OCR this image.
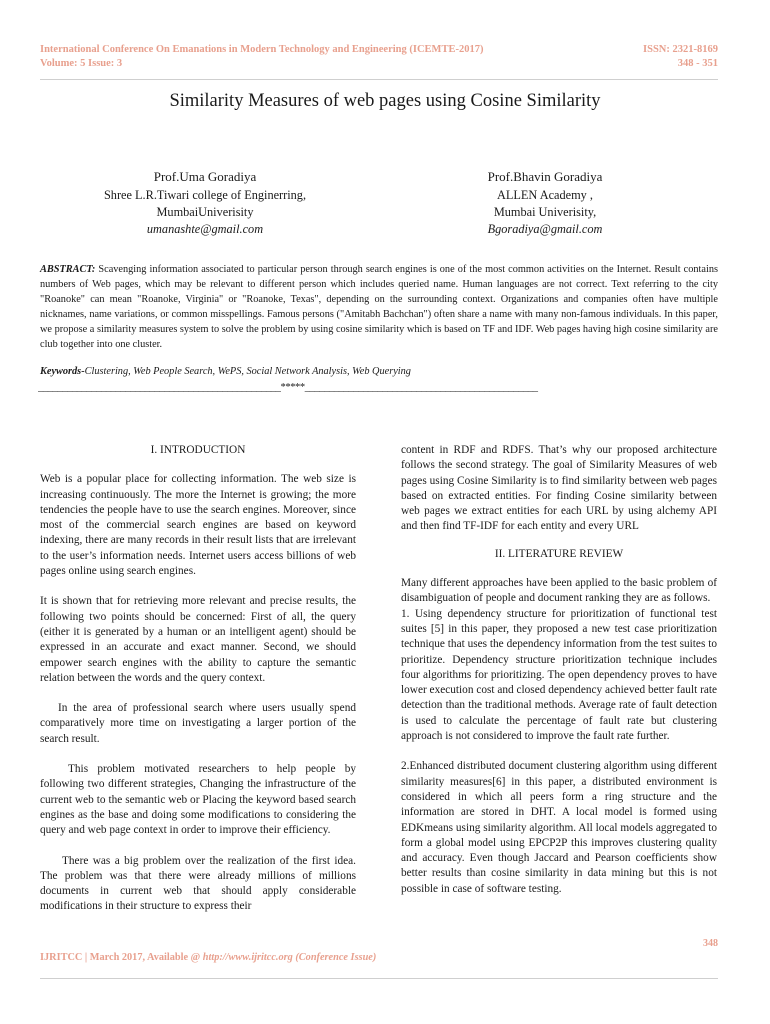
International Conference On Emanations in Modern Technology and Engineering (ICEMTE-2017)
Volume: 5 Issue: 3
ISSN: 2321-8169
348 - 351
Similarity Measures of web pages using Cosine Similarity
Prof.Uma Goradiya
Shree L.R.Tiwari college of Enginerring,
MumbaiUniverisity
umanashte@gmail.com
Prof.Bhavin Goradiya
ALLEN Academy ,
Mumbai Univerisity,
Bgoradiya@gmail.com
ABSTRACT: Scavenging information associated to particular person through search engines is one of the most common activities on the Internet. Result contains numbers of Web pages, which may be relevant to different person which includes queried name. Human languages are not correct. Text referring to the city "Roanoke" can mean "Roanoke, Virginia" or "Roanoke, Texas", depending on the surrounding context. Organizations and companies often have multiple nicknames, name variations, or common misspellings. Famous persons ("Amitabh Bachchan") often share a name with many non-famous individuals. In this paper, we propose a similarity measures system to solve the problem by using cosine similarity which is based on TF and IDF. Web pages having high cosine similarity are club together into one cluster.
Keywords-Clustering, Web People Search, WePS, Social Network Analysis, Web Querying
__________________________________________________*****________________________________________________
I. INTRODUCTION

Web is a popular place for collecting information. The web size is increasing continuously. The more the Internet is growing; the more tendencies the people have to use the search engines. Moreover, since most of the commercial search engines are based on keyword indexing, there are many records in their result lists that are irrelevant to the user’s information needs. Internet users access billions of web pages online using search engines.

It is shown that for retrieving more relevant and precise results, the following two points should be concerned: First of all, the query (either it is generated by a human or an intelligent agent) should be expressed in an accurate and exact manner. Second, we should empower search engines with the ability to capture the semantic relation between the words and the query context.

In the area of professional search where users usually spend comparatively more time on investigating a larger portion of the search result.

This problem motivated researchers to help people by following two different strategies, Changing the infrastructure of the current web to the semantic web or Placing the keyword based search engines as the base and doing some modifications to considering the query and web page context in order to improve their efficiency.

There was a big problem over the realization of the first idea. The problem was that there were already millions of millions documents in current web that should apply considerable modifications in their structure to express their

content in RDF and RDFS. That’s why our proposed architecture follows the second strategy. The goal of Similarity Measures of web pages using Cosine Similarity is to find similarity between web pages based on extracted entities. For finding Cosine similarity between web pages we extract entities for each URL by using alchemy API and then find TF-IDF for each entity and every URL

II. LITERATURE REVIEW

Many different approaches have been applied to the basic problem of disambiguation of people and document ranking they are as follows.

1. Using dependency structure for prioritization of functional test suites [5] in this paper, they proposed a new test case prioritization technique that uses the dependency information from the test suites to prioritize. Dependency structure prioritization technique includes four algorithms for prioritizing. The open dependency proves to have lower execution cost and closed dependency achieved better fault rate detection than the traditional methods. Average rate of fault detection is used to calculate the percentage of fault rate but clustering approach is not considered to improve the fault rate further.

2.Enhanced distributed document clustering algorithm using different similarity measures[6] in this paper, a distributed environment is considered in which all peers form a ring structure and the information are stored in DHT. A local model is formed using EDKmeans using similarity algorithm. All local models aggregated to form a global model using EPCP2P this improves clustering quality and accuracy. Even though Jaccard and Pearson coefficients show better results than cosine similarity in data mining but this is not possible in case of software testing.

348
IJRITCC | March 2017, Available @ http://www.ijritcc.org (Conference Issue)
